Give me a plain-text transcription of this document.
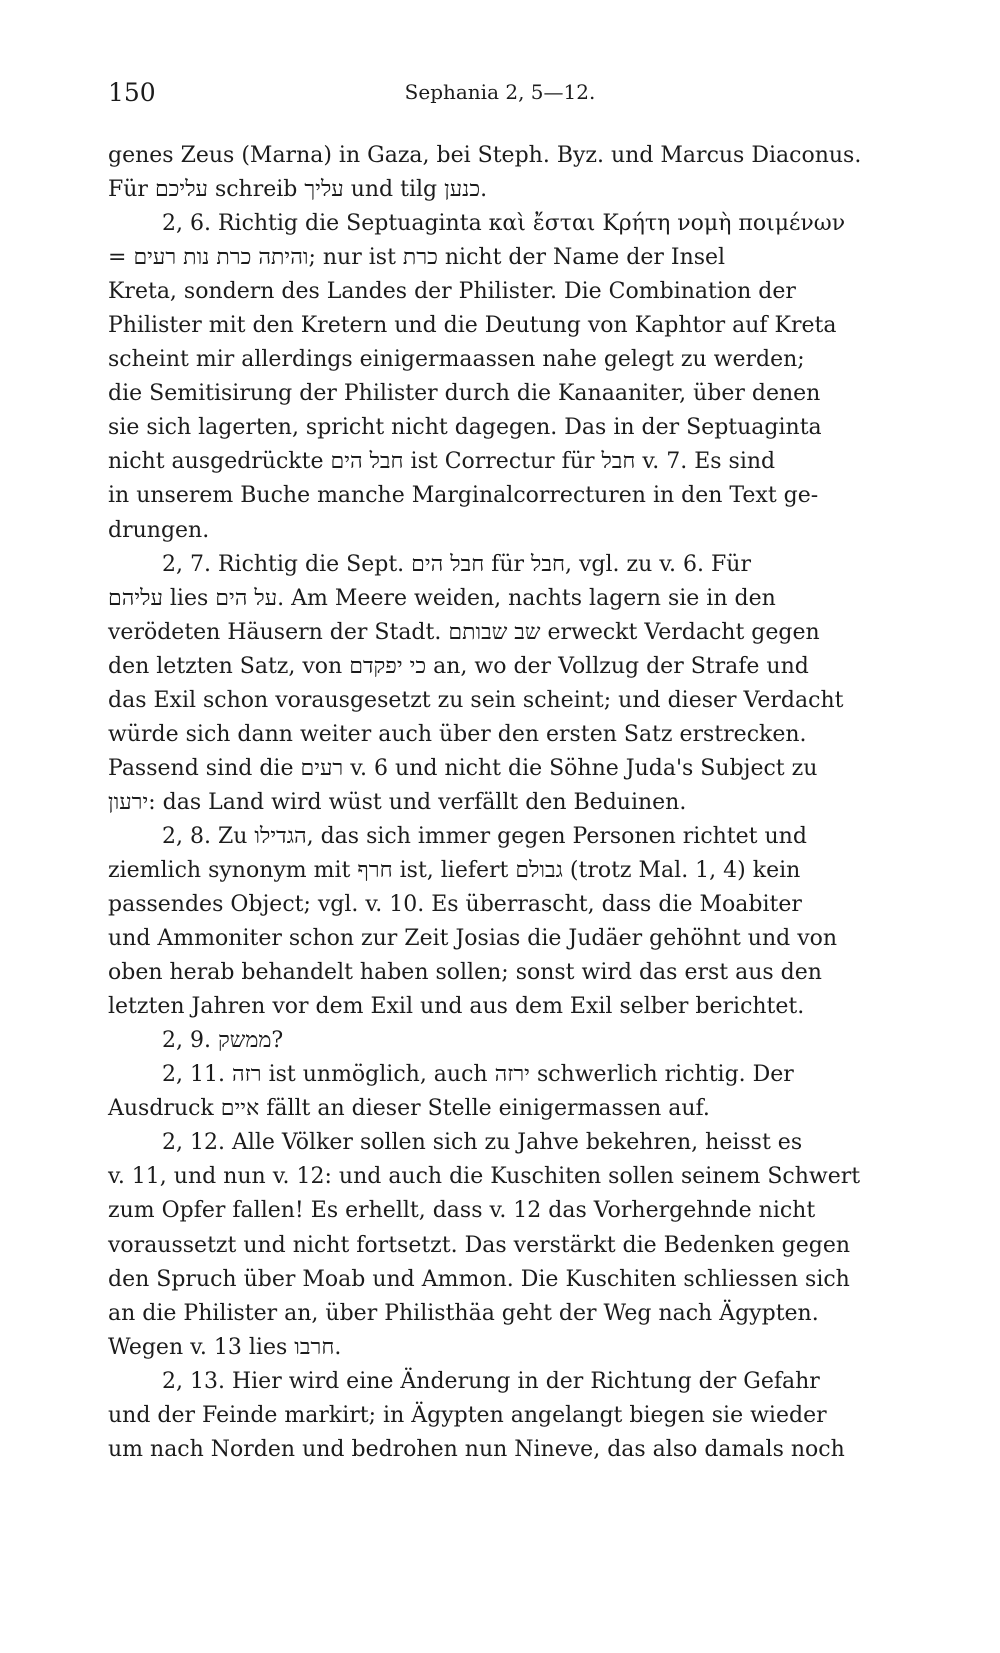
150	Sephania 2, 5—12.
genes Zeus (Marna) in Gaza, bei Steph. Byz. und Marcus Diaconus.
Für עליכם schreib עליך und tilg כנען.
2, 6. Richtig die Septuaginta καὶ ἔσται Κρήτη νομὴ ποιμένων
= והיתה כרת נות רעים; nur ist כרת nicht der Name der Insel
Kreta, sondern des Landes der Philister. Die Combination der
Philister mit den Kretern und die Deutung von Kaphtor auf Kreta
scheint mir allerdings einigermaassen nahe gelegt zu werden;
die Semitisirung der Philister durch die Kanaaniter, über denen
sie sich lagerten, spricht nicht dagegen. Das in der Septuaginta
nicht ausgedrückte חבל הים ist Correctur für חבל v. 7. Es sind
in unserem Buche manche Marginalcorrecturen in den Text ge-
drungen.
2, 7. Richtig die Sept. חבל הים für חבל, vgl. zu v. 6. Für
עליהם lies על הים. Am Meere weiden, nachts lagern sie in den
verödeten Häusern der Stadt. שב שבותם erweckt Verdacht gegen
den letzten Satz, von כי יפקדם an, wo der Vollzug der Strafe und
das Exil schon vorausgesetzt zu sein scheint; und dieser Verdacht
würde sich dann weiter auch über den ersten Satz erstrecken.
Passend sind die רעים v. 6 und nicht die Söhne Juda's Subject zu
ירעון: das Land wird wüst und verfällt den Beduinen.
2, 8. Zu הגדילו, das sich immer gegen Personen richtet und
ziemlich synonym mit חרף ist, liefert גבולם (trotz Mal. 1, 4) kein
passendes Object; vgl. v. 10. Es überrascht, dass die Moabiter
und Ammoniter schon zur Zeit Josias die Judäer gehöhnt und von
oben herab behandelt haben sollen; sonst wird das erst aus den
letzten Jahren vor dem Exil und aus dem Exil selber berichtet.
2, 9. ממשק?
2, 11. רזה ist unmöglich, auch ירזה schwerlich richtig. Der
Ausdruck איים fällt an dieser Stelle einigermassen auf.
2, 12. Alle Völker sollen sich zu Jahve bekehren, heisst es
v. 11, und nun v. 12: und auch die Kuschiten sollen seinem Schwert
zum Opfer fallen! Es erhellt, dass v. 12 das Vorhergehnde nicht
voraussetzt und nicht fortsetzt. Das verstärkt die Bedenken gegen
den Spruch über Moab und Ammon. Die Kuschiten schliessen sich
an die Philister an, über Philisthäa geht der Weg nach Ägypten.
Wegen v. 13 lies חרבו.
2, 13. Hier wird eine Änderung in der Richtung der Gefahr
und der Feinde markirt; in Ägypten angelangt biegen sie wieder
um nach Norden und bedrohen nun Nineve, das also damals noch
